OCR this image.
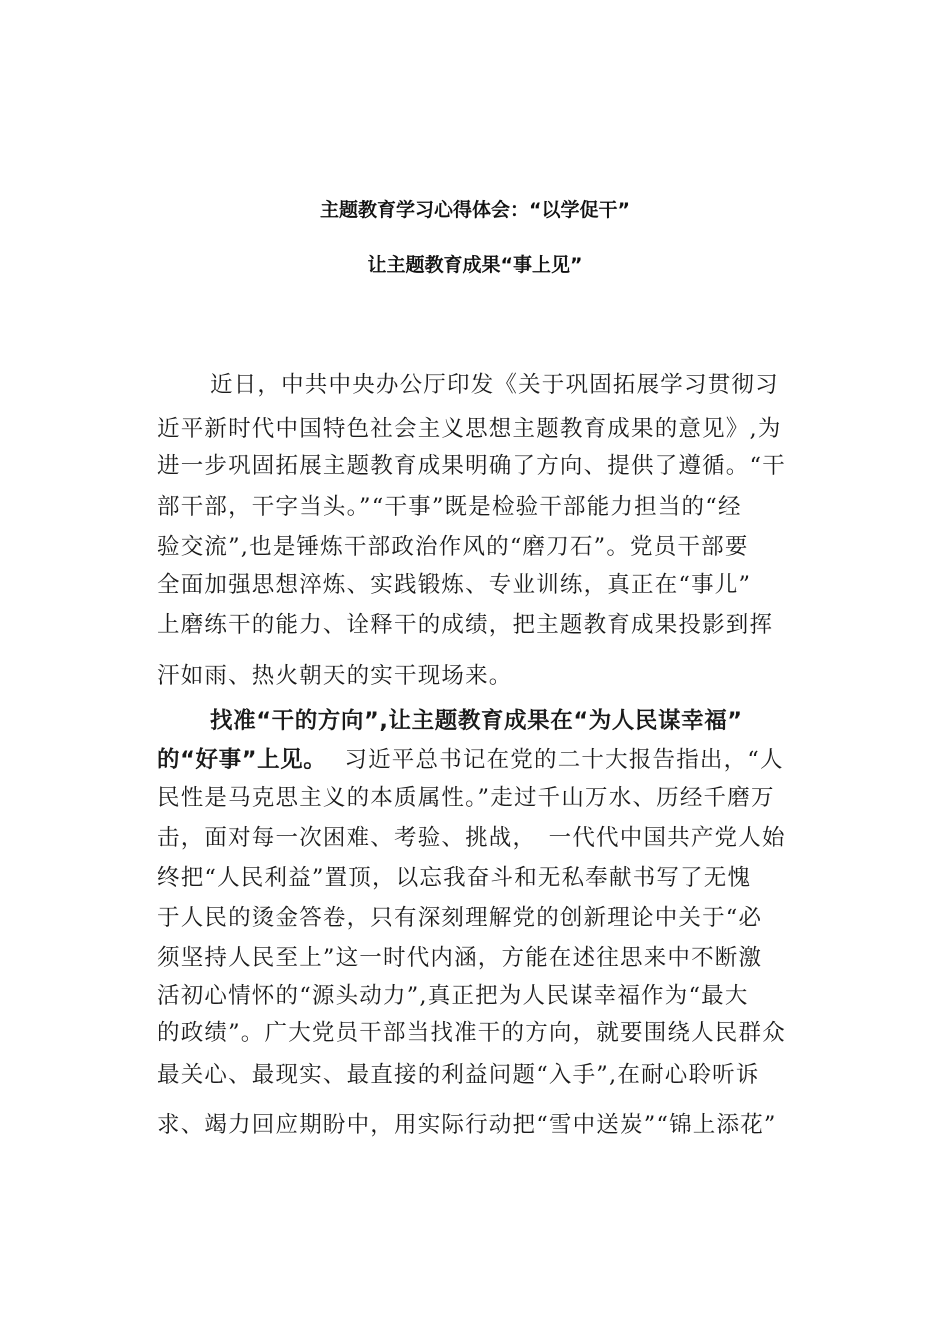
主题教育学习心得体会：“以学促干”
让主题教育成果“事上见”
近日，中共中央办公厅印发《关于巩固拓展学习贯彻习
近平新时代中国特色社会主义思想主题教育成果的意见》,为
进一步巩固拓展主题教育成果明确了方向、提供了遵循。“干
部干部，干字当头。”“干事”既是检验干部能力担当的“经
验交流”,也是锤炼干部政治作风的“磨刀石”。党员干部要
全面加强思想淬炼、实践锻炼、专业训练，真正在“事儿”
上磨练干的能力、诠释干的成绩，把主题教育成果投影到挥
汗如雨、热火朝天的实干现场来。
找准“干的方向”,让主题教育成果在“为人民谋幸福”
的“好事”上见。 习近平总书记在党的二十大报告指出，“人
民性是马克思主义的本质属性。”走过千山万水、历经千磨万
击，面对每一次困难、考验、挑战，　一代代中国共产党人始
终把“人民利益”置顶，以忘我奋斗和无私奉献书写了无愧
于人民的烫金答卷，只有深刻理解党的创新理论中关于“必
须坚持人民至上”这一时代内涵，方能在述往思来中不断激
活初心情怀的“源头动力”,真正把为人民谋幸福作为“最大
的政绩”。广大党员干部当找准干的方向，就要围绕人民群众
最关心、最现实、最直接的利益问题“入手”,在耐心聆听诉
求、竭力回应期盼中，用实际行动把“雪中送炭”“锦上添花”
